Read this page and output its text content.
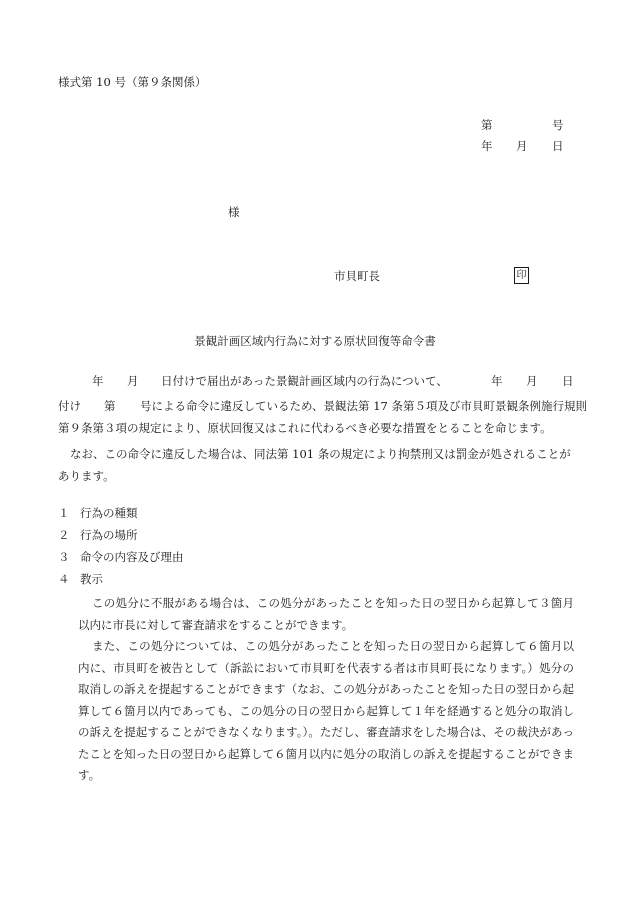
様式第 10 号（第９条関係）
第	号
年 月 日
様
市貝町長	印
景観計画区域内行為に対する原状回復等命令書
年 月 日付けで届出があった景観計画区域内の行為について、	年 月 日
付け 第 号による命令に違反しているため、景観法第 17 条第５項及び市貝町景観条例施行規則
第９条第３項の規定により、原状回復又はこれに代わるべき必要な措置をとることを命じます。
なお、この命令に違反した場合は、同法第 101 条の規定により拘禁刑又は罰金が処されることがあります。
１ 行為の種類
２ 行為の場所
３ 命令の内容及び理由
４ 教示

この処分に不服がある場合は、この処分があったことを知った日の翌日から起算して３箇月以内に市長に対して審査請求をすることができます。

また、この処分については、この処分があったことを知った日の翌日から起算して６箇月以内に、市貝町を被告として（訴訟において市貝町を代表する者は市貝町長になります。）処分の取消しの訴えを提起することができます（なお、この処分があったことを知った日の翌日から起算して６箇月以内であっても、この処分の日の翌日から起算して１年を経過すると処分の取消しの訴えを提起することができなくなります。）。ただし、審査請求をした場合は、その裁決があったことを知った日の翌日から起算して６箇月以内に処分の取消しの訴えを提起することができます。
